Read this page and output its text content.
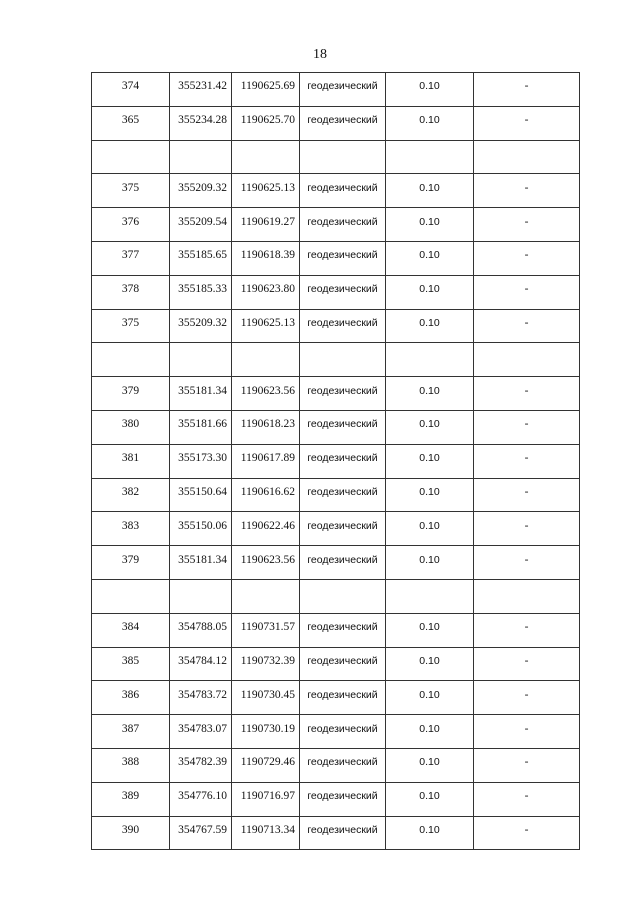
18
374	355231.42	1190625.69	геодезический	0.10	-
365	355234.28	1190625.70	геодезический	0.10	-

375	355209.32	1190625.13	геодезический	0.10	-
376	355209.54	1190619.27	геодезический	0.10	-
377	355185.65	1190618.39	геодезический	0.10	-
378	355185.33	1190623.80	геодезический	0.10	-
375	355209.32	1190625.13	геодезический	0.10	-

379	355181.34	1190623.56	геодезический	0.10	-
380	355181.66	1190618.23	геодезический	0.10	-
381	355173.30	1190617.89	геодезический	0.10	-
382	355150.64	1190616.62	геодезический	0.10	-
383	355150.06	1190622.46	геодезический	0.10	-
379	355181.34	1190623.56	геодезический	0.10	-

384	354788.05	1190731.57	геодезический	0.10	-
385	354784.12	1190732.39	геодезический	0.10	-
386	354783.72	1190730.45	геодезический	0.10	-
387	354783.07	1190730.19	геодезический	0.10	-
388	354782.39	1190729.46	геодезический	0.10	-
389	354776.10	1190716.97	геодезический	0.10	-
390	354767.59	1190713.34	геодезический	0.10	-
